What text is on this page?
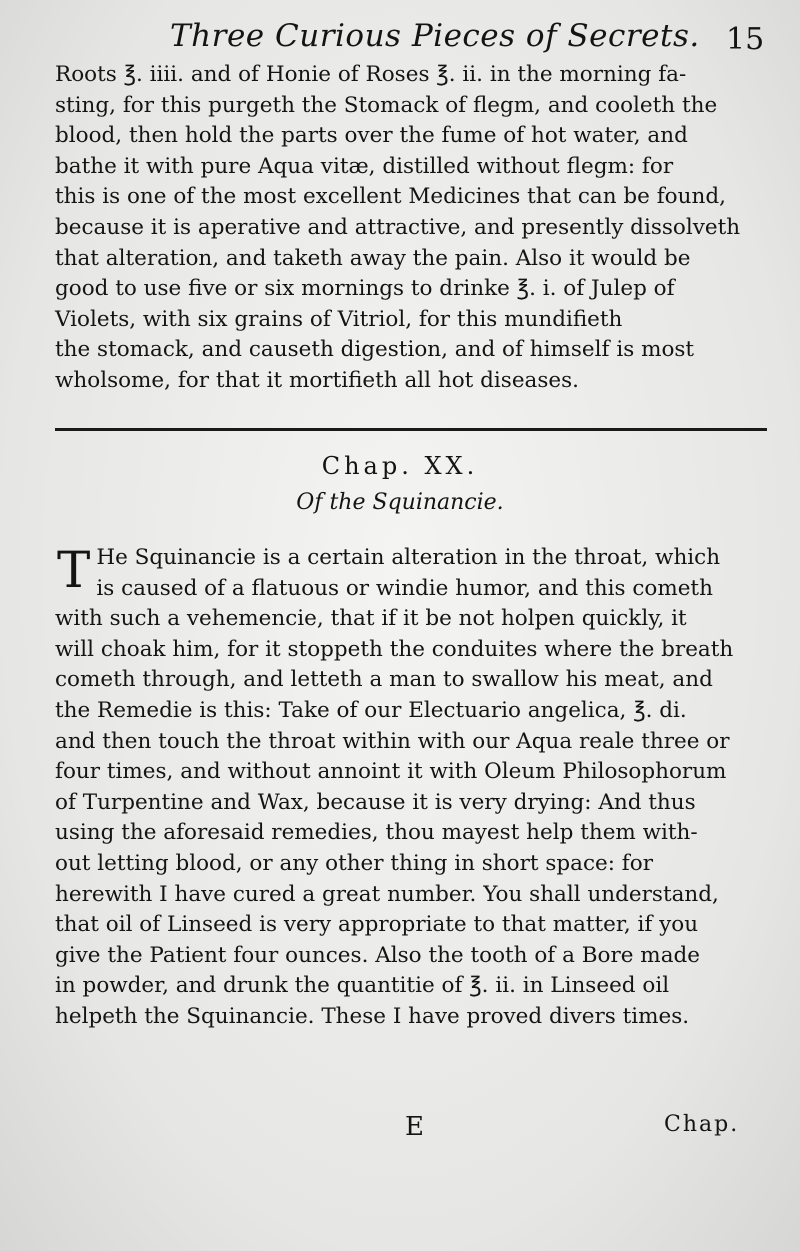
Three Curious Pieces of Secrets. 15

Roots ℥. iiii. and of Honie of Roses ℥. ii. in the morning fa-

sting, for this purgeth the Stomack of flegm, and cooleth the

blood, then hold the parts over the fume of hot water, and

bathe it with pure Aqua vitæ, distilled without flegm: for

this is one of the most excellent Medicines that can be found,

because it is aperative and attractive, and presently dissolveth

that alteration, and taketh away the pain. Also it would be

good to use five or six mornings to drinke ℥. i. of Julep of

Violets, with six grains of Vitriol, for this mundifieth

the stomack, and causeth digestion, and of himself is most

wholsome, for that it mortifieth all hot diseases.

Chap. XX.
Of the Squinancie.
T He Squinancie is a certain alteration in the throat, which

is caused of a flatuous or windie humor, and this cometh

with such a vehemencie, that if it be not holpen quickly, it

will choak him, for it stoppeth the conduites where the breath

cometh through, and letteth a man to swallow his meat, and

the Remedie is this: Take of our Electuario angelica, ℥. di.

and then touch the throat within with our Aqua reale three or

four times, and without annoint it with Oleum Philosophorum

of Turpentine and Wax, because it is very drying: And thus

using the aforesaid remedies, thou mayest help them with-

out letting blood, or any other thing in short space: for

herewith I have cured a great number. You shall understand,

that oil of Linseed is very appropriate to that matter, if you

give the Patient four ounces. Also the tooth of a Bore made

in powder, and drunk the quantitie of ℥. ii. in Linseed oil

helpeth the Squinancie. These I have proved divers times.

E	Chap.
